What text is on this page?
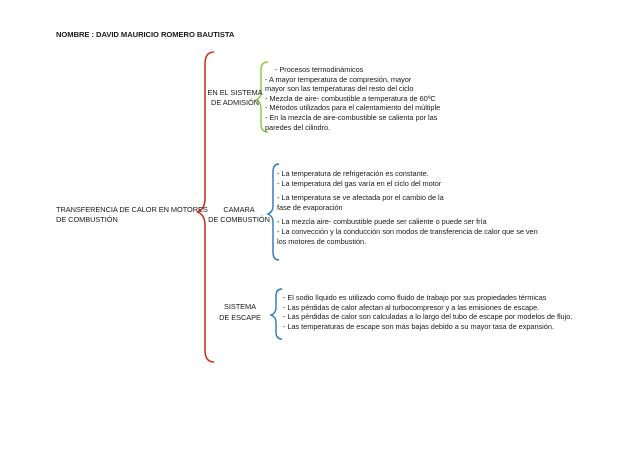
NOMBRE : DAVID MAURICIO ROMERO BAUTISTA
TRANSFERENCIA DE CALOR EN MOTORES
DE COMBUSTIÓN
EN EL SISTEMA
DE ADMISIÓN
- Procesos termodinámicos
- A mayor temperatura de compresión, mayor
mayor son las temperaturas del resto del ciclo
- Mezcla de aire- combustible a temperatura de 60ºC
- Métodos utilizados para el calentamiento del múltiple
- En la mezcla de aire-combustible se calienta por las
paredes del cilindro.
CAMARA
DE COMBUSTIÓN
- La temperatura de refrigeración es constante.
- La temperatura del gas varía en el ciclo del motor
- La temperatura se ve afectada por el cambio de la
fase de evaporación
- La mezcla aire- combustible puede ser caliente o puede ser fría
- La convección y la conducción son modos de transferencia de calor que se ven
los motores de combustión.
SISTEMA
DE ESCAPE
- El sodio líquido es utilizado como fluido de trabajo por sus propiedades térmicas
- Las pérdidas de calor afectan al turbocompresor y a las emisiones de escape.
- Las pérdidas de calor son calculadas a lo largo del tubo de escape por modelos de flujo.
- Las temperaturas de escape son más bajas debido a su mayor tasa de expansión.
